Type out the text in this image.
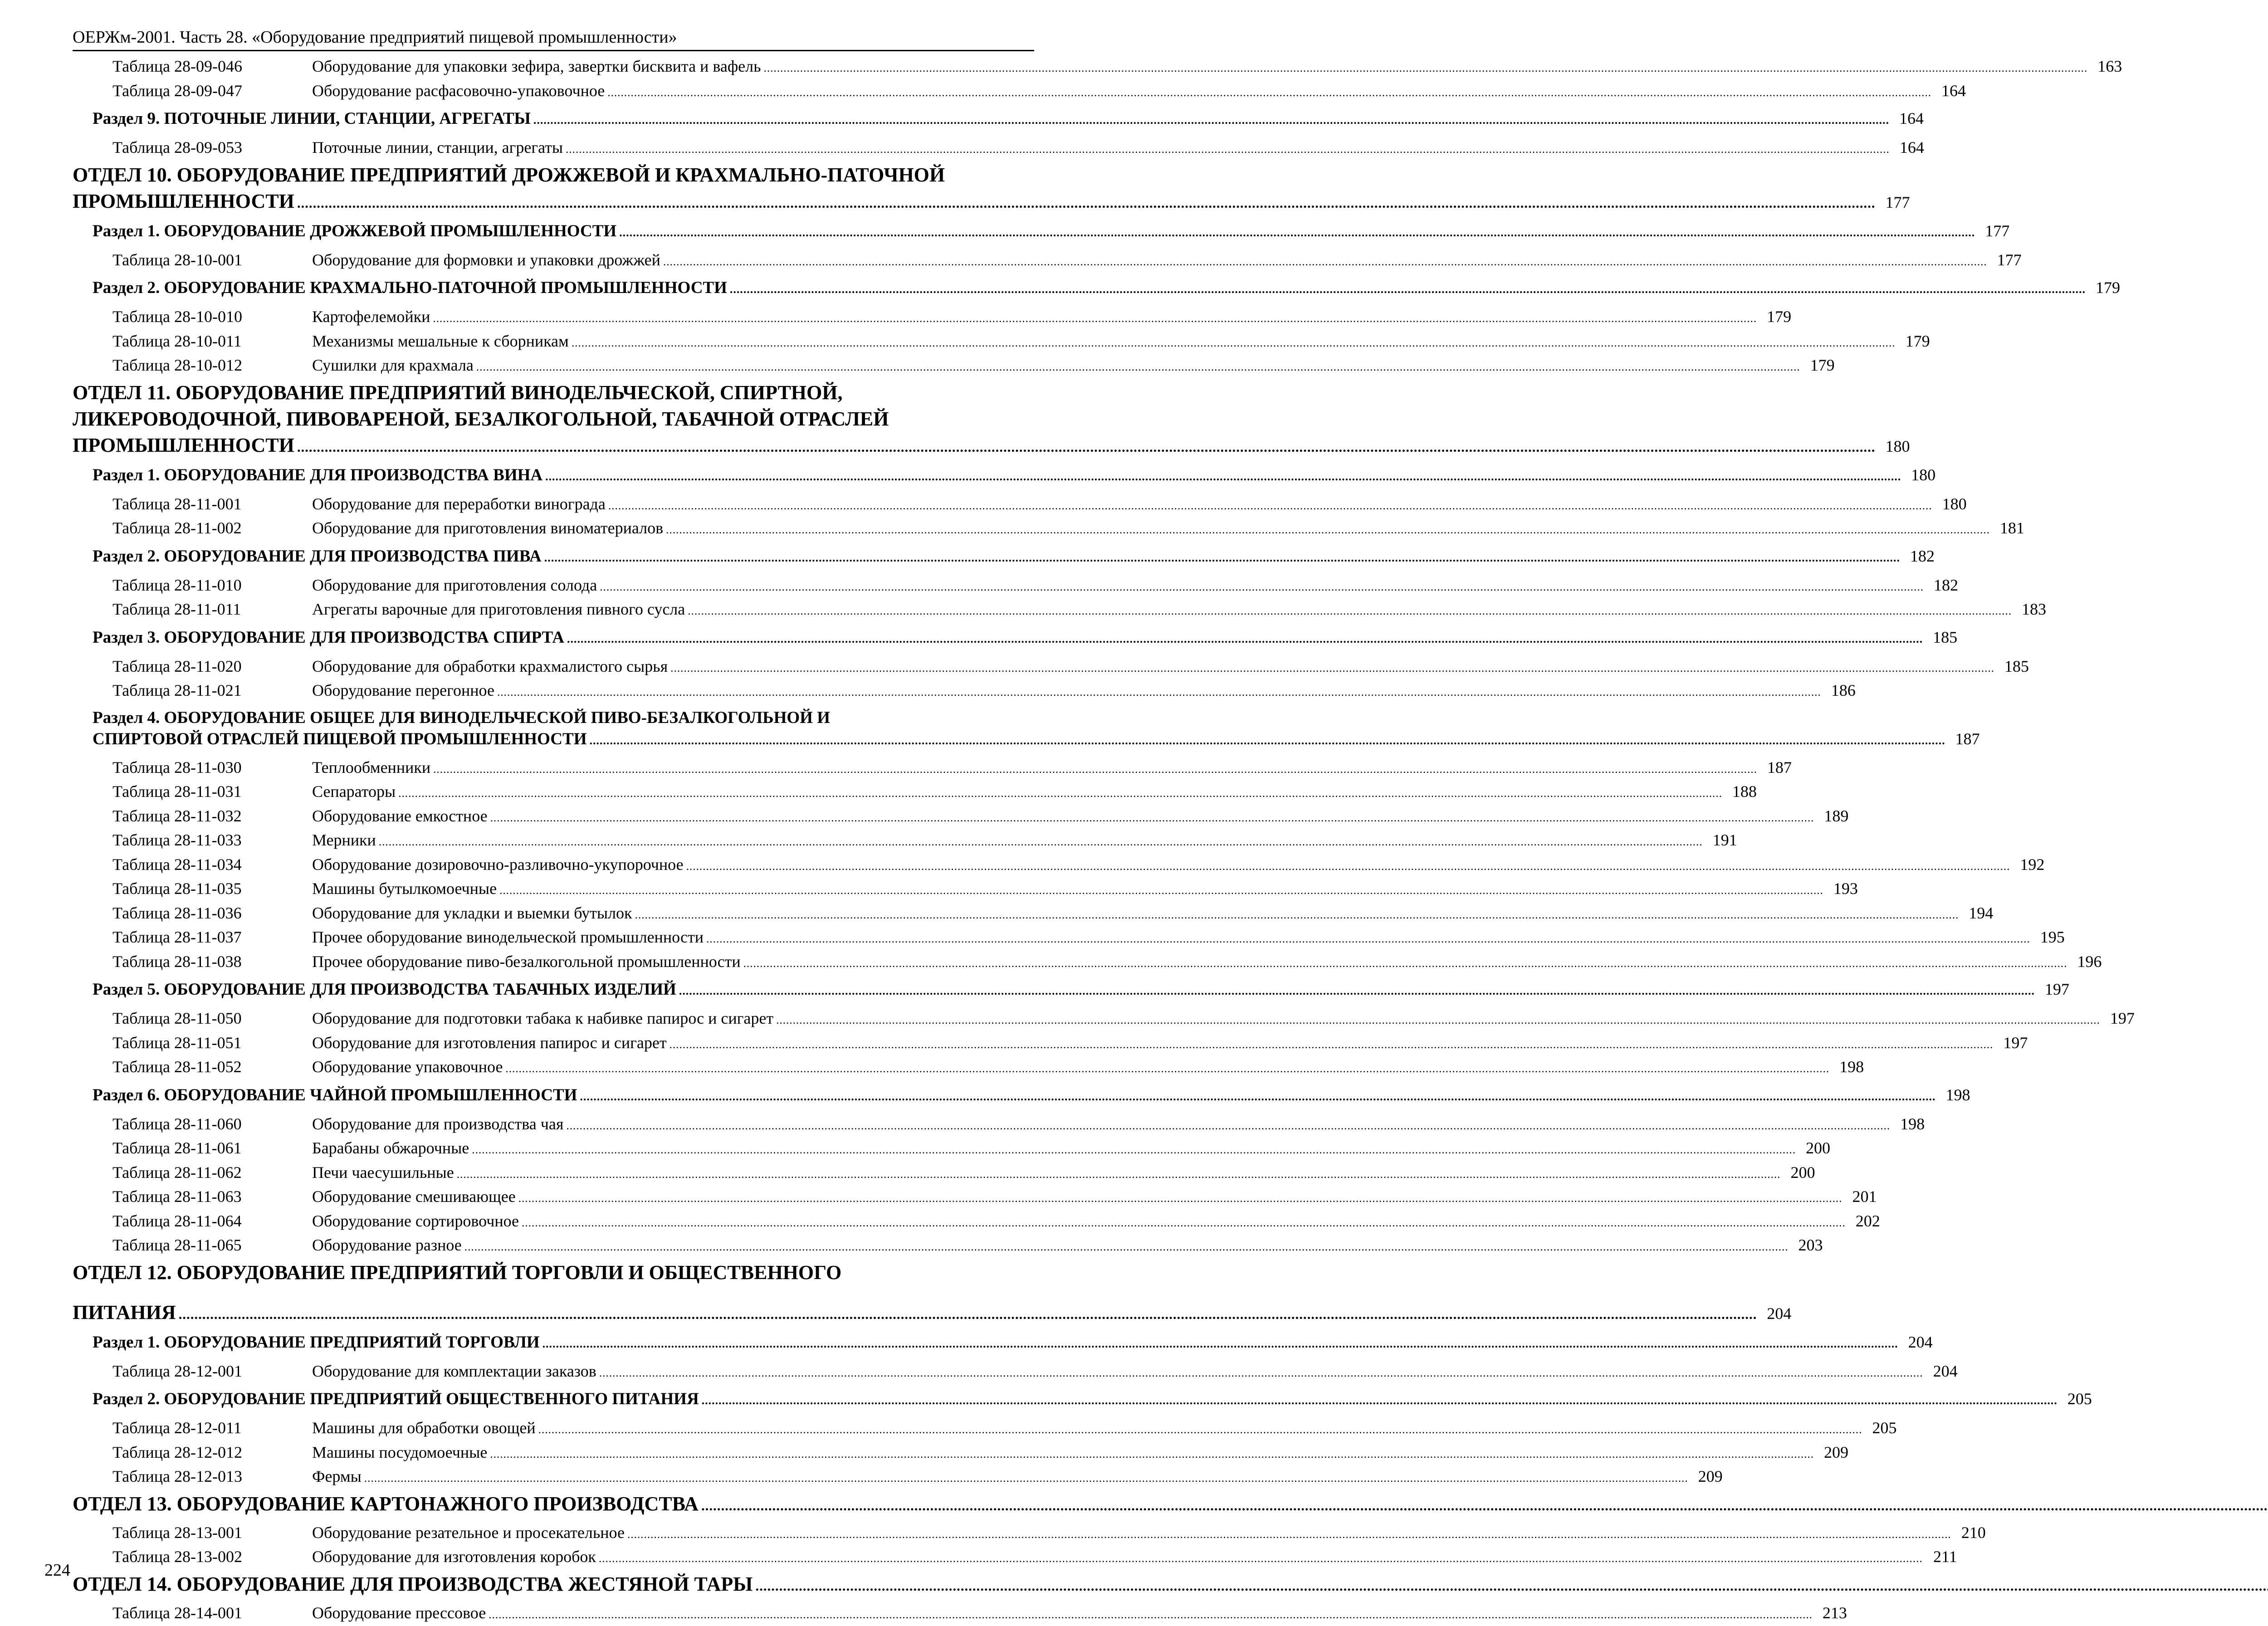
ОЕРЖм-2001. Часть 28. «Оборудование предприятий пищевой промышленности»
Таблица 28-09-046	Оборудование для упаковки зефира, завертки бисквита и вафель .....	163
Таблица 28-09-047	Оборудование расфасовочно-упаковочное .....	164
Раздел 9. ПОТОЧНЫЕ ЛИНИИ, СТАНЦИИ, АГРЕГАТЫ .....	164
Таблица 28-09-053	Поточные линии, станции, агрегаты .....	164
ОТДЕЛ 10. ОБОРУДОВАНИЕ ПРЕДПРИЯТИЙ ДРОЖЖЕВОЙ И КРАХМАЛЬНО-ПАТОЧНОЙ
ПРОМЫШЛЕННОСТИ .....	177
Раздел 1. ОБОРУДОВАНИЕ ДРОЖЖЕВОЙ ПРОМЫШЛЕННОСТИ .....	177
Таблица 28-10-001	Оборудование для формовки и упаковки дрожжей .....	177
Раздел 2. ОБОРУДОВАНИЕ КРАХМАЛЬНО-ПАТОЧНОЙ ПРОМЫШЛЕННОСТИ .....	179
Таблица 28-10-010	Картофелемойки .....	179
Таблица 28-10-011	Механизмы мешальные к сборникам .....	179
Таблица 28-10-012	Сушилки для крахмала .....	179
ОТДЕЛ 11. ОБОРУДОВАНИЕ ПРЕДПРИЯТИЙ ВИНОДЕЛЬЧЕСКОЙ, СПИРТНОЙ,
ЛИКЕРОВОДОЧНОЙ, ПИВОВАРЕНОЙ, БЕЗАЛКОГОЛЬНОЙ, ТАБАЧНОЙ ОТРАСЛЕЙ
ПРОМЫШЛЕННОСТИ .....	180
Раздел 1. ОБОРУДОВАНИЕ ДЛЯ ПРОИЗВОДСТВА ВИНА .....	180
Таблица 28-11-001	Оборудование для переработки винограда .....	180
Таблица 28-11-002	Оборудование для приготовления виноматериалов .....	181
Раздел 2. ОБОРУДОВАНИЕ ДЛЯ ПРОИЗВОДСТВА ПИВА .....	182
Таблица 28-11-010	Оборудование для приготовления солода .....	182
Таблица 28-11-011	Агрегаты варочные для приготовления пивного сусла .....	183
Раздел 3. ОБОРУДОВАНИЕ ДЛЯ ПРОИЗВОДСТВА СПИРТА .....	185
Таблица 28-11-020	Оборудование для обработки крахмалистого сырья .....	185
Таблица 28-11-021	Оборудование перегонное .....	186
Раздел 4. ОБОРУДОВАНИЕ ОБЩЕЕ ДЛЯ ВИНОДЕЛЬЧЕСКОЙ ПИВО-БЕЗАЛКОГОЛЬНОЙ И
СПИРТОВОЙ ОТРАСЛЕЙ ПИЩЕВОЙ ПРОМЫШЛЕННОСТИ .....	187
Таблица 28-11-030	Теплообменники .....	187
Таблица 28-11-031	Сепараторы .....	188
Таблица 28-11-032	Оборудование емкостное .....	189
Таблица 28-11-033	Мерники .....	191
Таблица 28-11-034	Оборудование дозировочно-разливочно-укупорочное .....	192
Таблица 28-11-035	Машины бутылкомоечные .....	193
Таблица 28-11-036	Оборудование для укладки и выемки бутылок .....	194
Таблица 28-11-037	Прочее оборудование винодельческой промышленности .....	195
Таблица 28-11-038	Прочее оборудование пиво-безалкогольной промышленности .....	196
Раздел 5. ОБОРУДОВАНИЕ ДЛЯ ПРОИЗВОДСТВА ТАБАЧНЫХ ИЗДЕЛИЙ .....	197
Таблица 28-11-050	Оборудование для подготовки табака к набивке папирос и сигарет .....	197
Таблица 28-11-051	Оборудование для изготовления папирос и сигарет .....	197
Таблица 28-11-052	Оборудование упаковочное .....	198
Раздел 6. ОБОРУДОВАНИЕ ЧАЙНОЙ ПРОМЫШЛЕННОСТИ .....	198
Таблица 28-11-060	Оборудование для производства чая .....	198
Таблица 28-11-061	Барабаны обжарочные .....	200
Таблица 28-11-062	Печи чаесушильные .....	200
Таблица 28-11-063	Оборудование смешивающее .....	201
Таблица 28-11-064	Оборудование сортировочное .....	202
Таблица 28-11-065	Оборудование разное .....	203
ОТДЕЛ 12. ОБОРУДОВАНИЕ ПРЕДПРИЯТИЙ ТОРГОВЛИ И ОБЩЕСТВЕННОГО
ПИТАНИЯ .....	204
Раздел 1. ОБОРУДОВАНИЕ ПРЕДПРИЯТИЙ ТОРГОВЛИ .....	204
Таблица 28-12-001	Оборудование для комплектации заказов .....	204
Раздел 2. ОБОРУДОВАНИЕ ПРЕДПРИЯТИЙ ОБЩЕСТВЕННОГО ПИТАНИЯ .....	205
Таблица 28-12-011	Машины для обработки овощей .....	205
Таблица 28-12-012	Машины посудомоечные .....	209
Таблица 28-12-013	Фермы .....	209
ОТДЕЛ 13. ОБОРУДОВАНИЕ КАРТОНАЖНОГО ПРОИЗВОДСТВА
.....
Таблица 28-13-001	Оборудование резательное и просекательное .....	210
Таблица 28-13-002	Оборудование для изготовления коробок .....	211
ОТДЕЛ 14. ОБОРУДОВАНИЕ ДЛЯ ПРОИЗВОДСТВА ЖЕСТЯНОЙ ТАРЫ
.....
Таблица 28-14-001	Оборудование прессовое .....	213
224
